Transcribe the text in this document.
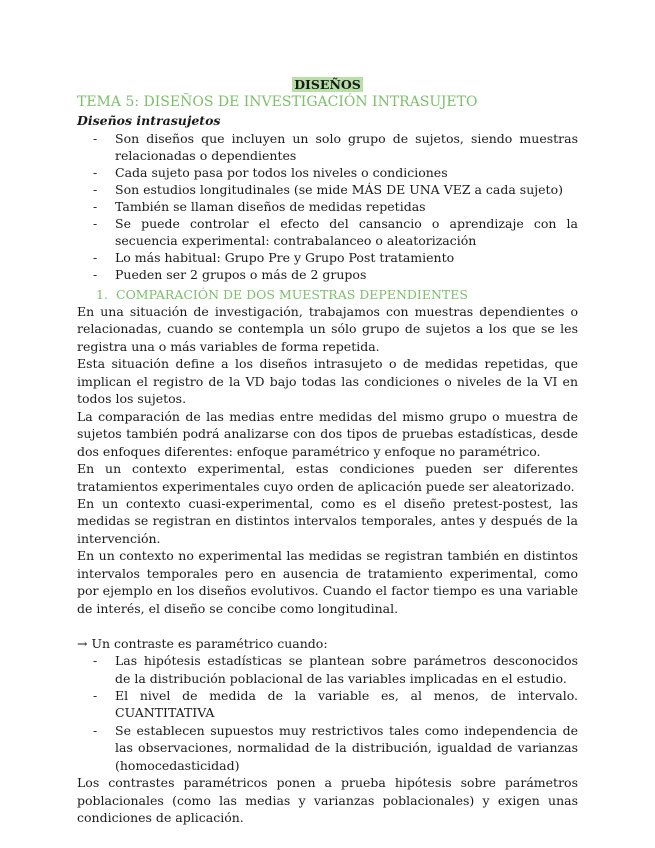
DISEÑOS
TEMA 5: DISEÑOS DE INVESTIGACIÓN INTRASUJETO
Diseños intrasujetos
- Son diseños que incluyen un solo grupo de sujetos, siendo muestras relacionadas o dependientes
- Cada sujeto pasa por todos los niveles o condiciones
- Son estudios longitudinales (se mide MÁS DE UNA VEZ a cada sujeto)
- También se llaman diseños de medidas repetidas
- Se puede controlar el efecto del cansancio o aprendizaje con la secuencia experimental: contrabalanceo o aleatorización
- Lo más habitual: Grupo Pre y Grupo Post tratamiento
- Pueden ser 2 grupos o más de 2 grupos
1. COMPARACIÓN DE DOS MUESTRAS DEPENDIENTES

En una situación de investigación, trabajamos con muestras dependientes o relacionadas, cuando se contempla un sólo grupo de sujetos a los que se les registra una o más variables de forma repetida.

Esta situación define a los diseños intrasujeto o de medidas repetidas, que implican el registro de la VD bajo todas las condiciones o niveles de la VI en todos los sujetos.

La comparación de las medias entre medidas del mismo grupo o muestra de sujetos también podrá analizarse con dos tipos de pruebas estadísticas, desde dos enfoques diferentes: enfoque paramétrico y enfoque no paramétrico.

En un contexto experimental, estas condiciones pueden ser diferentes tratamientos experimentales cuyo orden de aplicación puede ser aleatorizado.

En un contexto cuasi-experimental, como es el diseño pretest-postest, las medidas se registran en distintos intervalos temporales, antes y después de la intervención.

En un contexto no experimental las medidas se registran también en distintos intervalos temporales pero en ausencia de tratamiento experimental, como por ejemplo en los diseños evolutivos. Cuando el factor tiempo es una variable de interés, el diseño se concibe como longitudinal.

→ Un contraste es paramétrico cuando:

- Las hipótesis estadísticas se plantean sobre parámetros desconocidos de la distribución poblacional de las variables implicadas en el estudio.
- El nivel de medida de la variable es, al menos, de intervalo. CUANTITATIVA
- Se establecen supuestos muy restrictivos tales como independencia de las observaciones, normalidad de la distribución, igualdad de varianzas (homocedasticidad)

Los contrastes paramétricos ponen a prueba hipótesis sobre parámetros poblacionales (como las medias y varianzas poblacionales) y exigen unas condiciones de aplicación.
